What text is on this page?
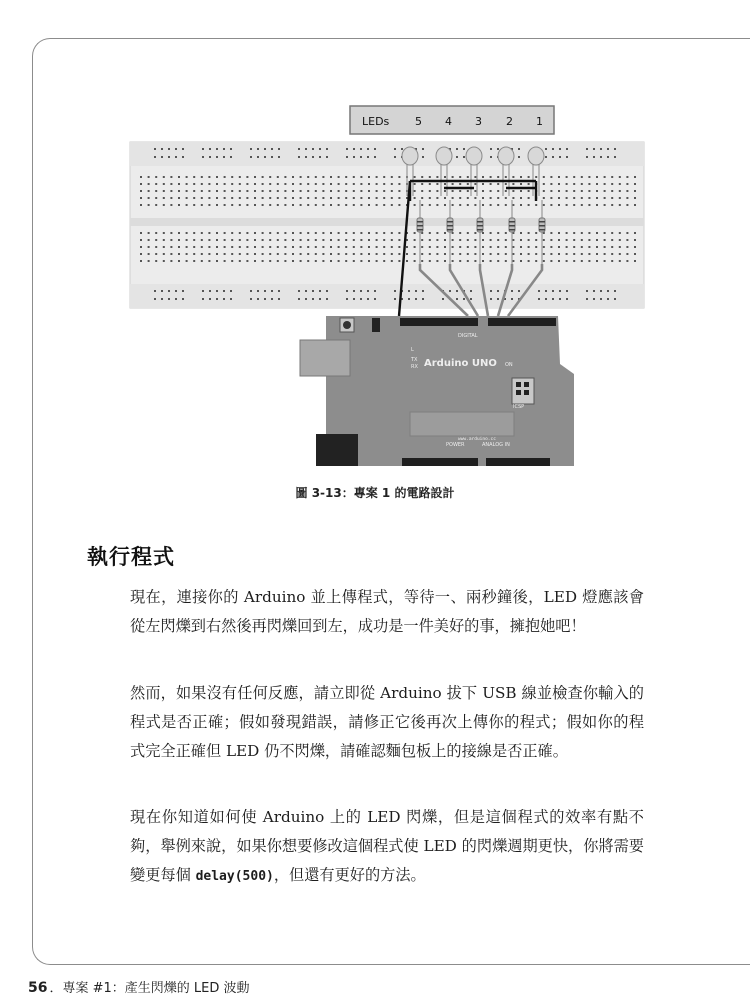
LEDs 5 4 3 2 1
Arduino UNO ON
ICSP
DIGITAL
POWER	ANALOG IN
www.arduino.cc
TX
RX
L
圖 3-13：專案 1 的電路設計
執行程式

現在，連接你的 Arduino 並上傳程式，等待一、兩秒鐘後，LED 燈應該會從左閃爍到右然後再閃爍回到左，成功是一件美好的事，擁抱她吧！

然而，如果沒有任何反應，請立即從 Arduino 拔下 USB 線並檢查你輸入的程式是否正確；假如發現錯誤，請修正它後再次上傳你的程式；假如你的程式完全正確但 LED 仍不閃爍，請確認麵包板上的接線是否正確。

現在你知道如何使 Arduino 上的 LED 閃爍，但是這個程式的效率有點不夠，舉例來說，如果你想要修改這個程式使 LED 的閃爍週期更快，你將需要變更每個 delay(500)，但還有更好的方法。

56 ．專案 #1：產生閃爍的 LED 波動
